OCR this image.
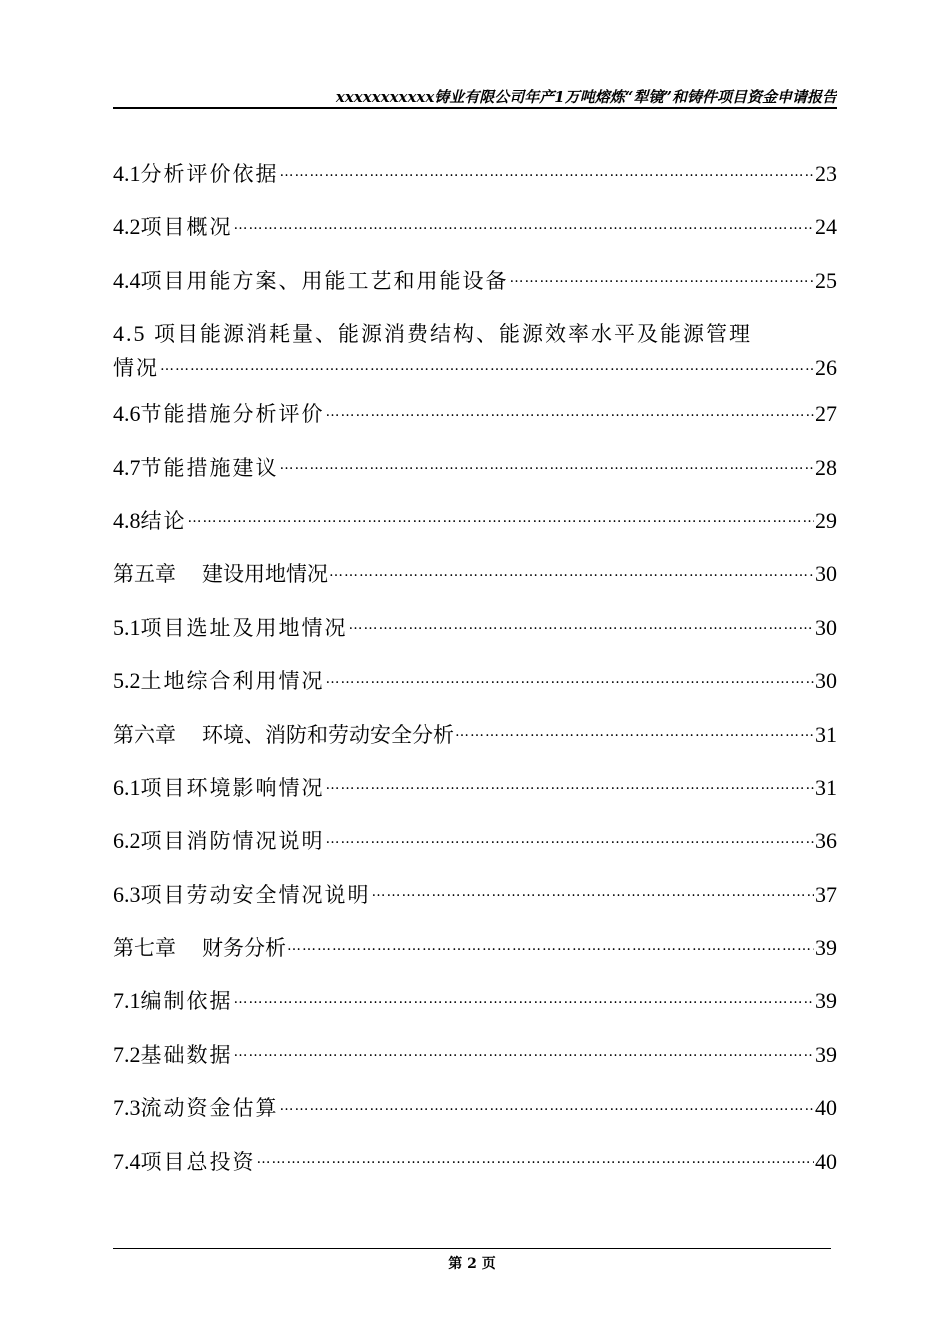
xxxxxxxxxxx铸业有限公司年产1万吨熔炼“犁镜”和铸件项目资金申请报告
4.1 分析评价依据 …………………………………………………………………………………………………………………………………………………………………………………………………………………………………	23
4.2 项目概况 …………………………………………………………………………………………………………………………………………………………………………………………………………………………………	24
4.4 项目用能方案、用能工艺和用能设备 …………………………………………………………………………………………………………………………………………………………………………………………………………………………………	25
4.5 项目能源消耗量、能源消费结构、能源效率水平及能源管理
情况 …………………………………………………………………………………………………………………………………………………………………………………………………………………………………	26
4.6 节能措施分析评价 …………………………………………………………………………………………………………………………………………………………………………………………………………………………………	27
4.7 节能措施建议 …………………………………………………………………………………………………………………………………………………………………………………………………………………………………	28
4.8 结论 …………………………………………………………………………………………………………………………………………………………………………………………………………………………………	29
第五章 建设用地情况 …………………………………………………………………………………………………………………………………………………………………………………………………………………………………	30
5.1 项目选址及用地情况 …………………………………………………………………………………………………………………………………………………………………………………………………………………………………	30
5.2 土地综合利用情况 …………………………………………………………………………………………………………………………………………………………………………………………………………………………………	30
第六章 环境、消防和劳动安全分析 …………………………………………………………………………………………………………………………………………………………………………………………………………………………………	31
6.1 项目环境影响情况 …………………………………………………………………………………………………………………………………………………………………………………………………………………………………	31
6.2 项目消防情况说明 …………………………………………………………………………………………………………………………………………………………………………………………………………………………………	36
6.3 项目劳动安全情况说明 …………………………………………………………………………………………………………………………………………………………………………………………………………………………………	37
第七章 财务分析 …………………………………………………………………………………………………………………………………………………………………………………………………………………………………	39
7.1 编制依据 …………………………………………………………………………………………………………………………………………………………………………………………………………………………………	39
7.2 基础数据 …………………………………………………………………………………………………………………………………………………………………………………………………………………………………	39
7.3 流动资金估算 …………………………………………………………………………………………………………………………………………………………………………………………………………………………………	40
7.4 项目总投资 …………………………………………………………………………………………………………………………………………………………………………………………………………………………………	40
第 2 页
